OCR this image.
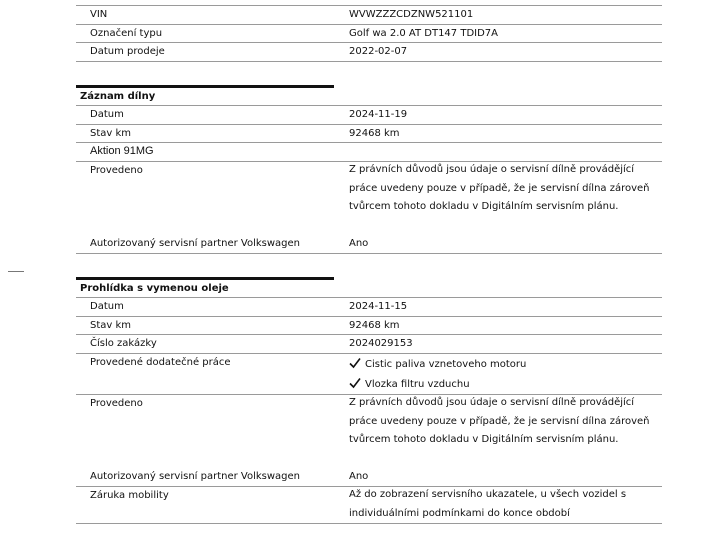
VIN	WVWZZZCDZNW521101
Označení typu	Golf wa 2.0 AT DT147 TDID7A
Datum prodeje	2022-02-07
Záznam dílny
Datum	2024-11-19
Stav km	92468 km
Aktion 91MG
Provedeno	Z právních důvodů jsou údaje o servisní dílně provádějící práce uvedeny pouze v případě, že je servisní dílna zároveň tvůrcem tohoto dokladu v Digitálním servisním plánu.
Autorizovaný servisní partner Volkswagen	Ano
Prohlídka s vymenou oleje
Datum	2024-11-15
Stav km	92468 km
Číslo zakázky	2024029153
Provedené dodatečné práce	Cistic paliva vznetoveho motoru
Vlozka filtru vzduchu
Provedeno	Z právních důvodů jsou údaje o servisní dílně provádějící práce uvedeny pouze v případě, že je servisní dílna zároveň tvůrcem tohoto dokladu v Digitálním servisním plánu.
Autorizovaný servisní partner Volkswagen	Ano
Záruka mobility	Až do zobrazení servisního ukazatele, u všech vozidel s individuálními podmínkami do konce období
